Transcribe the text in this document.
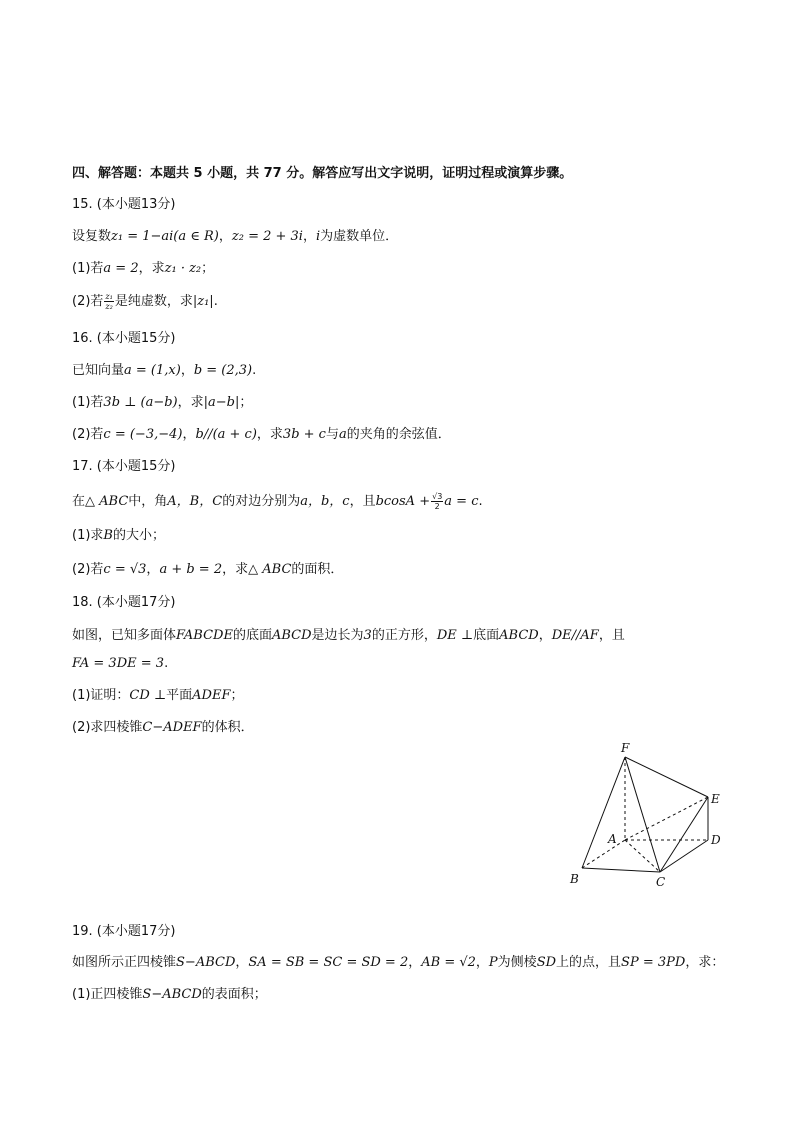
四、解答题：本题共 5 小题，共 77 分。解答应写出文字说明，证明过程或演算步骤。
15. (本小题13分)
设复数z₁ = 1−ai(a ∈ R)，z₂ = 2 + 3i，i为虚数单位．
(1)若a = 2，求z₁ · z₂；
(2)若 $\frac{\text{z₁}}{\text{z₂}}$ 是纯虚数，求|z₁|.
16. (本小题15分)
已知向量a = (1,x)，b = (2,3).
(1)若3b ⊥ (a−b)，求|a−b|；
(2)若c = (−3,−4)，b//(a + c)，求3b + c与a的夹角的余弦值．
17. (本小题15分)
在△ ABC中，角A，B，C的对边分别为a，b，c，且$bcosA + \frac{√3}{2}$ a = c.
(1)求B的大小；
(2)若c = √3，a + b = 2，求△ ABC的面积．
18. (本小题17分)
如图，已知多面体FABCDE的底面ABCD是边长为3的正方形，DE ⊥底面ABCD，DE//AF，且
FA = 3DE = 3.
(1)证明：CD ⊥平面ADEF；
(2)求四棱锥C−ADEF的体积．
F
E
A	D
B	C
19. (本小题17分)
如图所示正四棱锥S−ABCD，SA = SB = SC = SD = 2，AB = √2，P为侧棱SD上的点，且SP = 3PD，求：
(1)正四棱锥S−ABCD的表面积；
